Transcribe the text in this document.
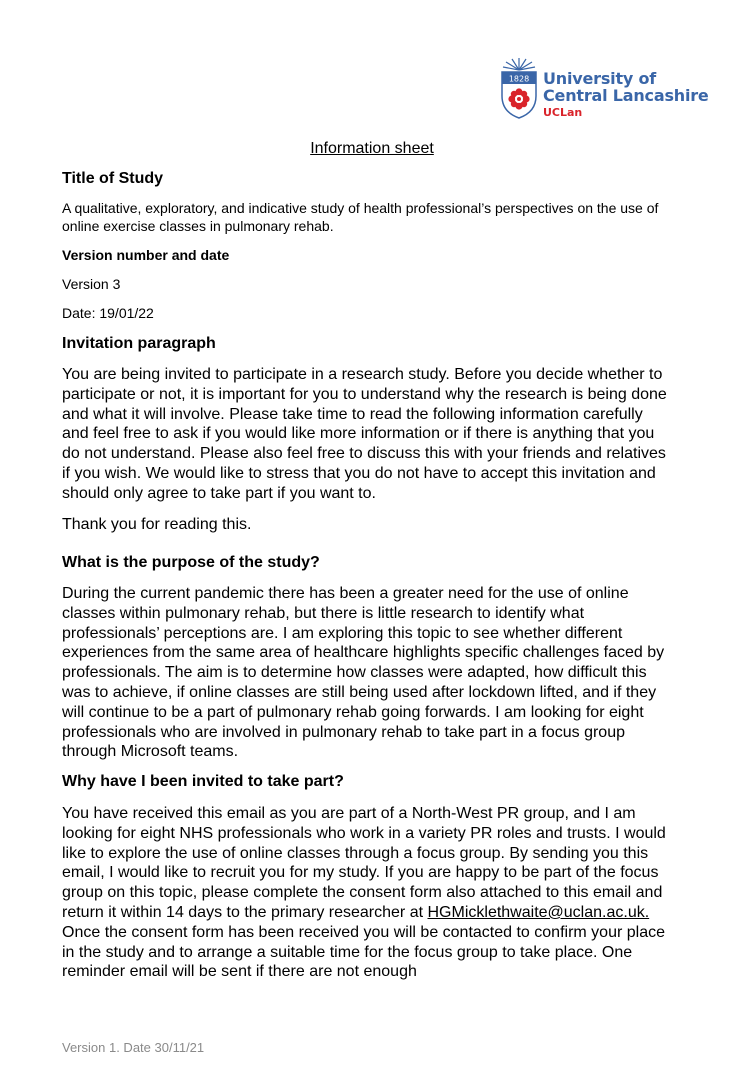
1828 University of
Central Lancashire
UCLan
Information sheet
Title of Study

A qualitative, exploratory, and indicative study of health professional’s perspectives on the use of online exercise classes in pulmonary rehab.

Version number and date
Version 3
Date: 19/01/22
Invitation paragraph

You are being invited to participate in a research study. Before you decide whether to participate or not, it is important for you to understand why the research is being done and what it will involve. Please take time to read the following information carefully and feel free to ask if you would like more information or if there is anything that you do not understand. Please also feel free to discuss this with your friends and relatives if you wish. We would like to stress that you do not have to accept this invitation and should only agree to take part if you want to.

Thank you for reading this.
What is the purpose of the study?

During the current pandemic there has been a greater need for the use of online classes within pulmonary rehab, but there is little research to identify what professionals’ perceptions are. I am exploring this topic to see whether different experiences from the same area of healthcare highlights specific challenges faced by professionals. The aim is to determine how classes were adapted, how difficult this was to achieve, if online classes are still being used after lockdown lifted, and if they will continue to be a part of pulmonary rehab going forwards. I am looking for eight professionals who are involved in pulmonary rehab to take part in a focus group through Microsoft teams.

Why have I been invited to take part?

You have received this email as you are part of a North-West PR group, and I am looking for eight NHS professionals who work in a variety PR roles and trusts. I would like to explore the use of online classes through a focus group. By sending you this email, I would like to recruit you for my study. If you are happy to be part of the focus group on this topic, please complete the consent form also attached to this email and return it within 14 days to the primary researcher at HGMicklethwaite@uclan.ac.uk. Once the consent form has been received you will be contacted to confirm your place in the study and to arrange a suitable time for the focus group to take place. One reminder email will be sent if there are not enough

Version 1. Date 30/11/21
